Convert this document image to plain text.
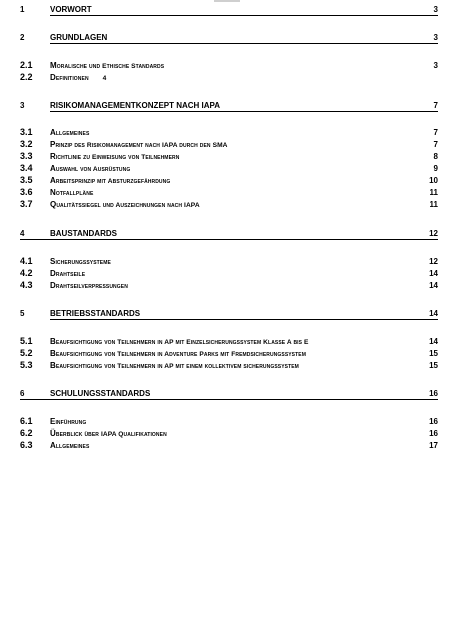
1	VORWORT	3
2	GRUNDLAGEN	3
2.1	Moralische und Ethische Standards	3
2.2	Definitionen 4
3	RISIKOMANAGEMENTKONZEPT NACH IAPA	7
3.1	Allgemeines	7
3.2	Prinzip des Risikomanagement nach IAPA durch den SMA	7
3.3	Richtlinie zu Einweisung von Teilnehmern	8
3.4	Auswahl von Ausrüstung	9
3.5	Arbeitsprinzip mit Absturzgefährdung	10
3.6	Notfallpläne	11
3.7	Qualitätssiegel und Auszeichnungen nach IAPA	11
4	BAUSTANDARDS	12
4.1	Sicherungssysteme	12
4.2	Drahtseile	14
4.3	Drahtseilverpressungen	14
5	BETRIEBSSTANDARDS	14
5.1	Beaufsichtigung von Teilnehmern in AP mit Einzelsicherungssystem Klasse A bis E	14
5.2	Beaufsichtigung von Teilnehmern in Adventure Parks mit Fremdsicherungssystem	15
5.3	Beaufsichtigung von Teilnehmern in AP mit einem kollektivem sicherungssystem	15
6	SCHULUNGSSTANDARDS	16
6.1	Einführung	16
6.2	Überblick über IAPA Qualifikationen	16
6.3	Allgemeines	17
